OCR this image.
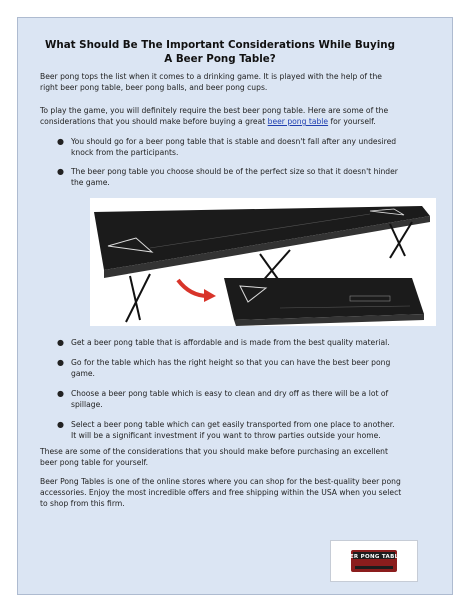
What Should Be The Important Considerations While Buying A Beer Pong Table?
Beer pong tops the list when it comes to a drinking game. It is played with the help of the right beer pong table, beer pong balls, and beer pong cups.
To play the game, you will definitely require the best beer pong table. Here are some of the considerations that you should make before buying a great beer pong table for yourself.
● You should go for a beer pong table that is stable and doesn't fall after any undesired knock from the participants.
● The beer pong table you choose should be of the perfect size so that it doesn't hinder the game.
● Get a beer pong table that is affordable and is made from the best quality material.
● Go for the table which has the right height so that you can have the best beer pong game.
● Choose a beer pong table which is easy to clean and dry off as there will be a lot of spillage.
● Select a beer pong table which can get easily transported from one place to another. It will be a significant investment if you want to throw parties outside your home.
These are some of the considerations that you should make before purchasing an excellent beer pong table for yourself.
Beer Pong Tables is one of the online stores where you can shop for the best-quality beer pong accessories. Enjoy the most incredible offers and free shipping within the USA when you select to shop from this firm.
BEER PONG TABLES
